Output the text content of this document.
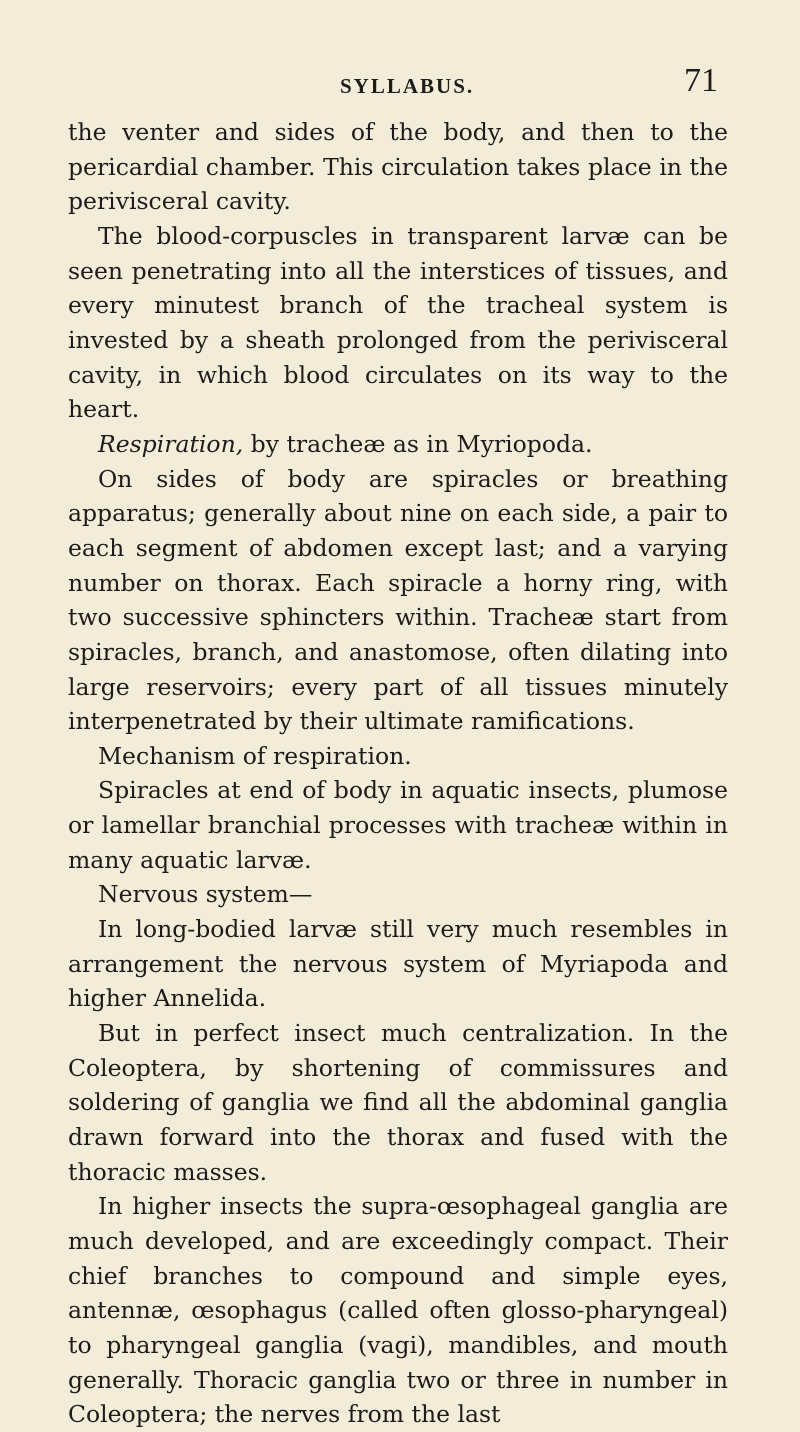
SYLLABUS.	71

the venter and sides of the body, and then to the pericardial chamber. This circulation takes place in the perivisceral cavity.

The blood-corpuscles in transparent larvæ can be seen penetrating into all the interstices of tissues, and every minutest branch of the tracheal system is invested by a sheath prolonged from the perivisceral cavity, in which blood circulates on its way to the heart.

Respiration, by tracheæ as in Myriopoda.

On sides of body are spiracles or breathing apparatus; generally about nine on each side, a pair to each segment of abdomen except last; and a varying number on thorax. Each spiracle a horny ring, with two successive sphincters within. Tracheæ start from spiracles, branch, and anastomose, often dilating into large reservoirs; every part of all tissues minutely interpenetrated by their ultimate ramifications.

Mechanism of respiration.

Spiracles at end of body in aquatic insects, plumose or lamellar branchial processes with tracheæ within in many aquatic larvæ.

Nervous system—

In long-bodied larvæ still very much resembles in arrangement the nervous system of Myriapoda and higher Annelida.

But in perfect insect much centralization. In the Coleoptera, by shortening of commissures and soldering of ganglia we find all the abdominal ganglia drawn forward into the thorax and fused with the thoracic masses.

In higher insects the supra-œsophageal ganglia are much developed, and are exceedingly compact. Their chief branches to compound and simple eyes, antennæ, œsophagus (called often glosso-pharyngeal) to pharyngeal ganglia (vagi), mandibles, and mouth generally. Thoracic ganglia two or three in number in Coleoptera; the nerves from the last
